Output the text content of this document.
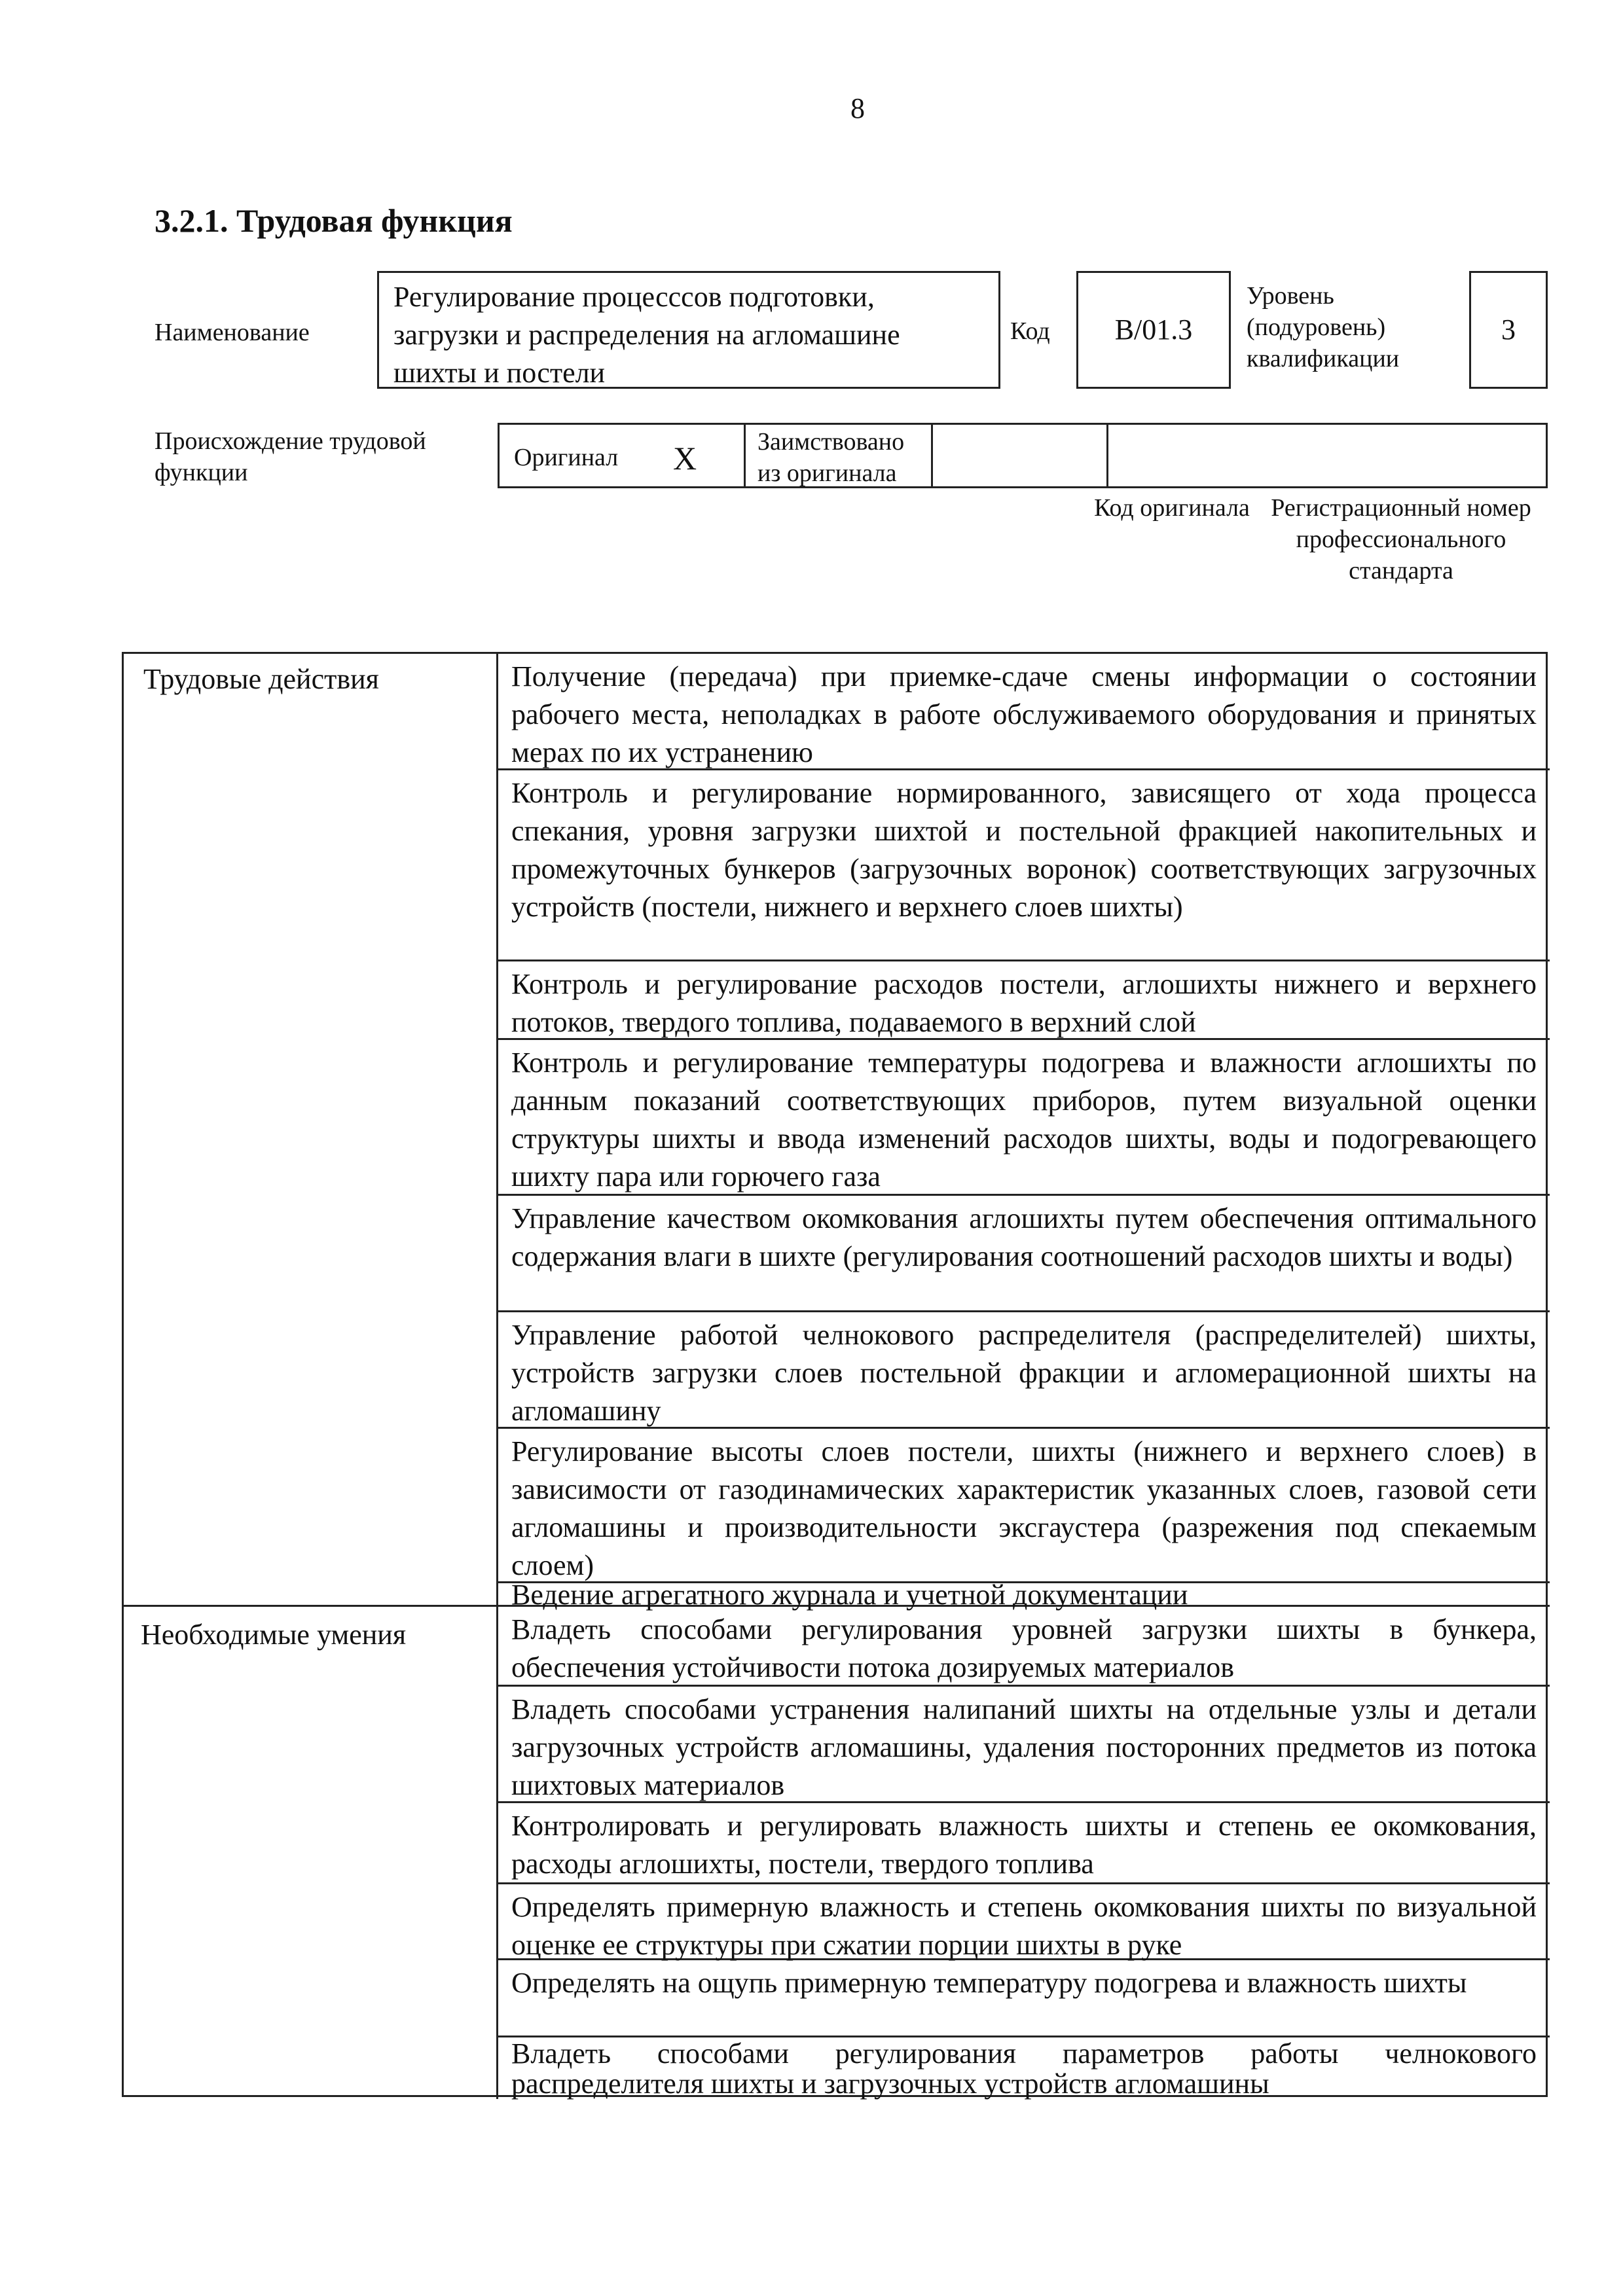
8
3.2.1. Трудовая функция
Наименование
Регулирование процесссов подготовки, загрузки и распределения на агломашине шихты и постели
Код	В/01.3
Уровень (подуровень) квалификации
3
Происхождение трудовой функции
Оригинал X Заимствовано из оригинала
Код оригинала Регистрационный номер профессионального стандарта
Трудовые действия
Необходимые умения
Получение (передача) при приемке-сдаче смены информации о состоянии рабочего места, неполадках в работе обслуживаемого оборудования и принятых мерах по их устранению
Контроль и регулирование нормированного, зависящего от хода процесса спекания, уровня загрузки шихтой и постельной фракцией накопительных и промежуточных бункеров (загрузочных воронок) соответствующих загрузочных устройств (постели, нижнего и верхнего слоев шихты)
Контроль и регулирование расходов постели, аглошихты нижнего и верхнего потоков, твердого топлива, подаваемого в верхний слой
Контроль и регулирование температуры подогрева и влажности аглошихты по данным показаний соответствующих приборов, путем визуальной оценки структуры шихты и ввода изменений расходов шихты, воды и подогревающего шихту пара или горючего газа
Управление качеством окомкования аглошихты путем обеспечения оптимального содержания влаги в шихте (регулирования соотношений расходов шихты и воды)
Управление работой челнокового распределителя (распределителей) шихты, устройств загрузки слоев постельной фракции и агломерационной шихты на агломашину
Регулирование высоты слоев постели, шихты (нижнего и верхнего слоев) в зависимости от газодинамических характеристик указанных слоев, газовой сети агломашины и производительности эксгаустера (разрежения под спекаемым слоем)
Ведение агрегатного журнала и учетной документации
Владеть способами регулирования уровней загрузки шихты в бункера, обеспечения устойчивости потока дозируемых материалов
Владеть способами устранения налипаний шихты на отдельные узлы и детали загрузочных устройств агломашины, удаления посторонних предметов из потока шихтовых материалов
Контролировать и регулировать влажность шихты и степень ее окомкования, расходы аглошихты, постели, твердого топлива
Определять примерную влажность и степень окомкования шихты по визуальной оценке ее структуры при сжатии порции шихты в руке
Определять на ощупь примерную температуру подогрева и влажность шихты
Владеть способами регулирования параметров работы челнокового распределителя шихты и загрузочных устройств агломашины
